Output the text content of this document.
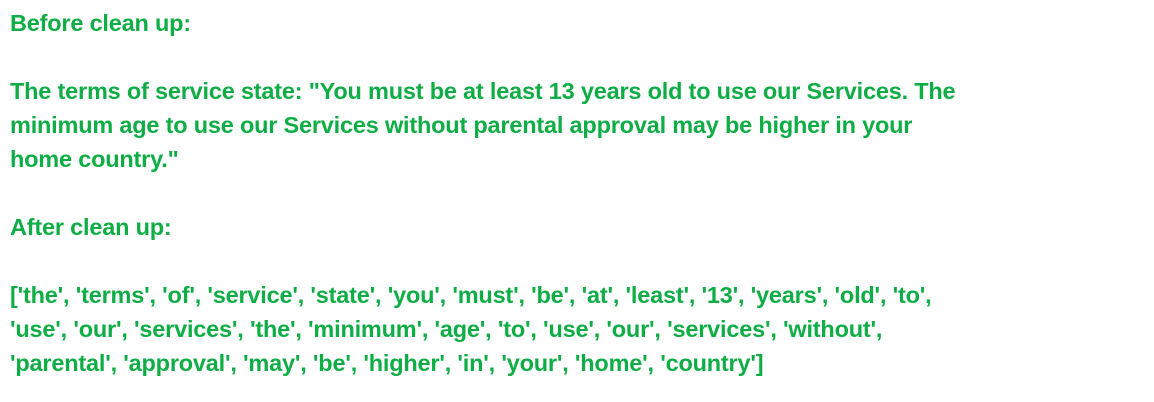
Before clean up:

The terms of service state: "You must be at least 13 years old to use our Services. The

minimum age to use our Services without parental approval may be higher in your

home country."

After clean up:

['the', 'terms', 'of', 'service', 'state', 'you', 'must', 'be', 'at', 'least', '13', 'years', 'old', 'to',

'use', 'our', 'services', 'the', 'minimum', 'age', 'to', 'use', 'our', 'services', 'without',

'parental', 'approval', 'may', 'be', 'higher', 'in', 'your', 'home', 'country']
